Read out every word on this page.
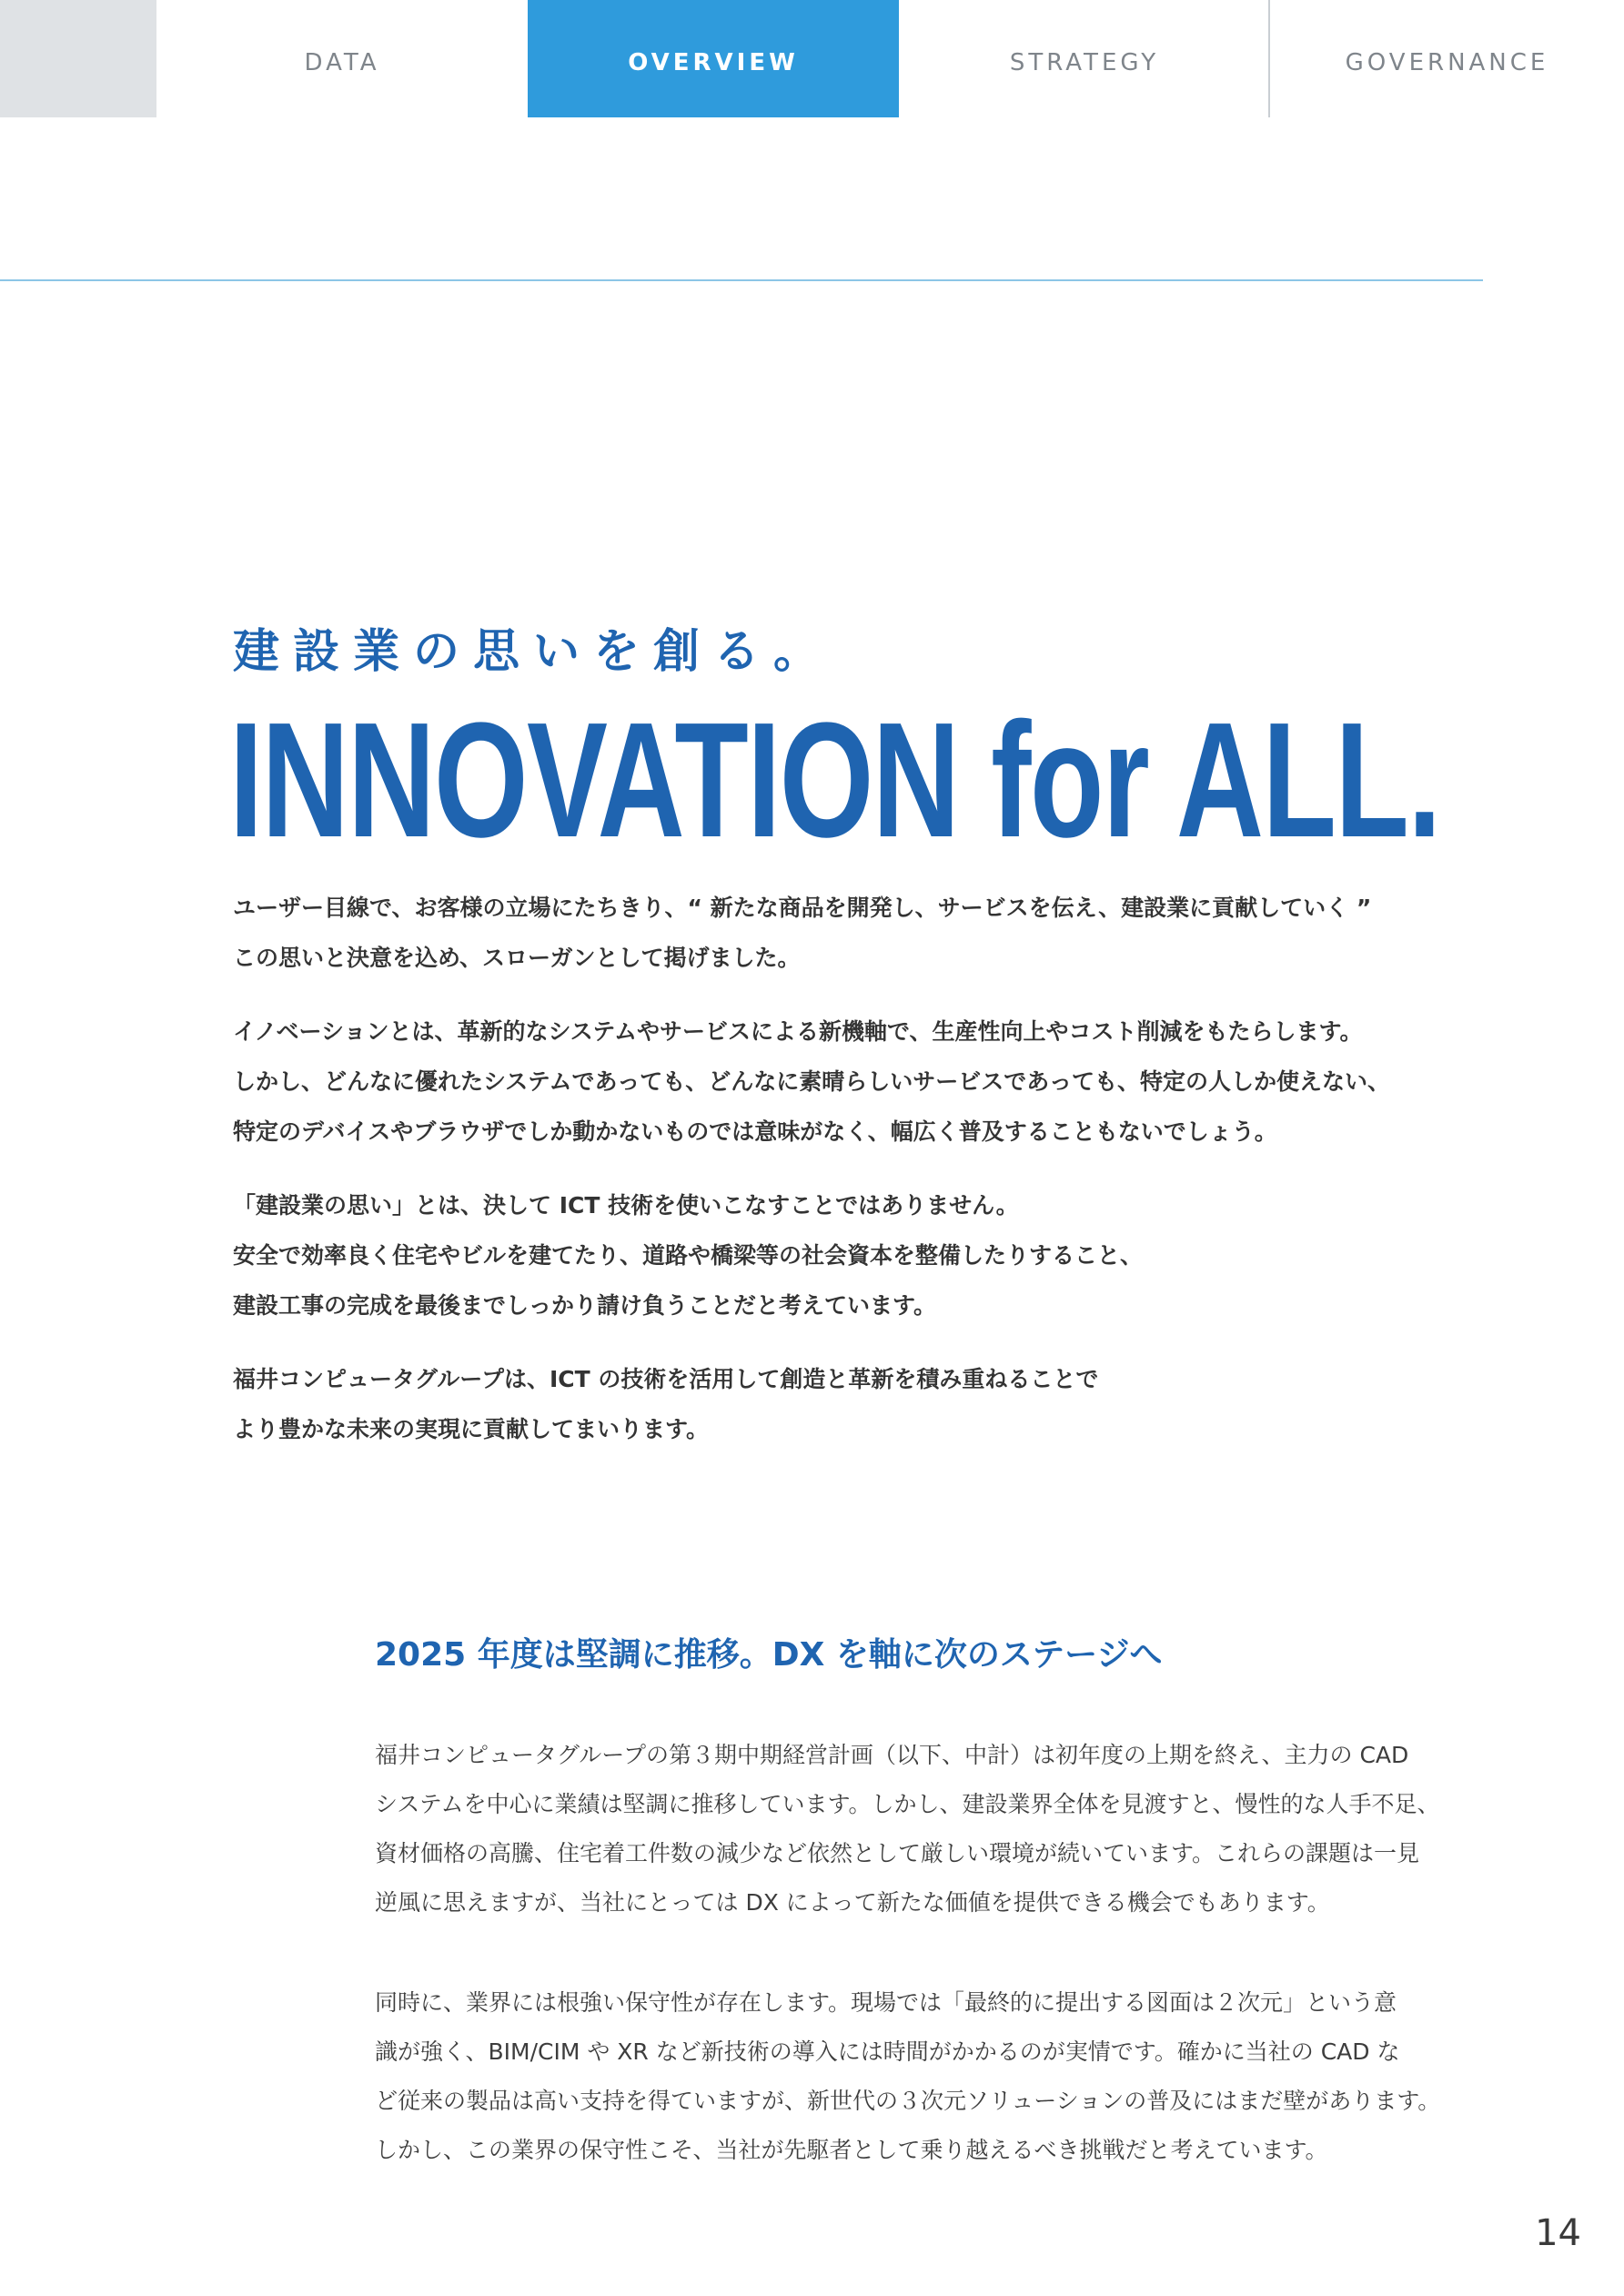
DATA	OVERVIEW	STRATEGY	GOVERNANCE
建設業の思いを創る。
INNOVATION for ALL.

ユーザー目線で、お客様の立場にたちきり、“ 新たな商品を開発し、サービスを伝え、建設業に貢献していく ”
この思いと決意を込め、スローガンとして掲げました。

イノベーションとは、革新的なシステムやサービスによる新機軸で、生産性向上やコスト削減をもたらします。
しかし、どんなに優れたシステムであっても、どんなに素晴らしいサービスであっても、特定の人しか使えない、
特定のデバイスやブラウザでしか動かないものでは意味がなく、幅広く普及することもないでしょう。

「建設業の思い」とは、決して ICT 技術を使いこなすことではありません。
安全で効率良く住宅やビルを建てたり、道路や橋梁等の社会資本を整備したりすること、
建設工事の完成を最後までしっかり請け負うことだと考えています。

福井コンピュータグループは、ICT の技術を活用して創造と革新を積み重ねることで
より豊かな未来の実現に貢献してまいります。

2025 年度は堅調に推移。DX を軸に次のステージへ

福井コンピュータグループの第３期中期経営計画（以下、中計）は初年度の上期を終え、主力の CAD
システムを中心に業績は堅調に推移しています。しかし、建設業界全体を見渡すと、慢性的な人手不足、
資材価格の高騰、住宅着工件数の減少など依然として厳しい環境が続いています。これらの課題は一見
逆風に思えますが、当社にとっては DX によって新たな価値を提供できる機会でもあります。

同時に、業界には根強い保守性が存在します。現場では「最終的に提出する図面は２次元」という意
識が強く、BIM/CIM や XR など新技術の導入には時間がかかるのが実情です。確かに当社の CAD な
ど従来の製品は高い支持を得ていますが、新世代の３次元ソリューションの普及にはまだ壁があります。
しかし、この業界の保守性こそ、当社が先駆者として乗り越えるべき挑戦だと考えています。

14
